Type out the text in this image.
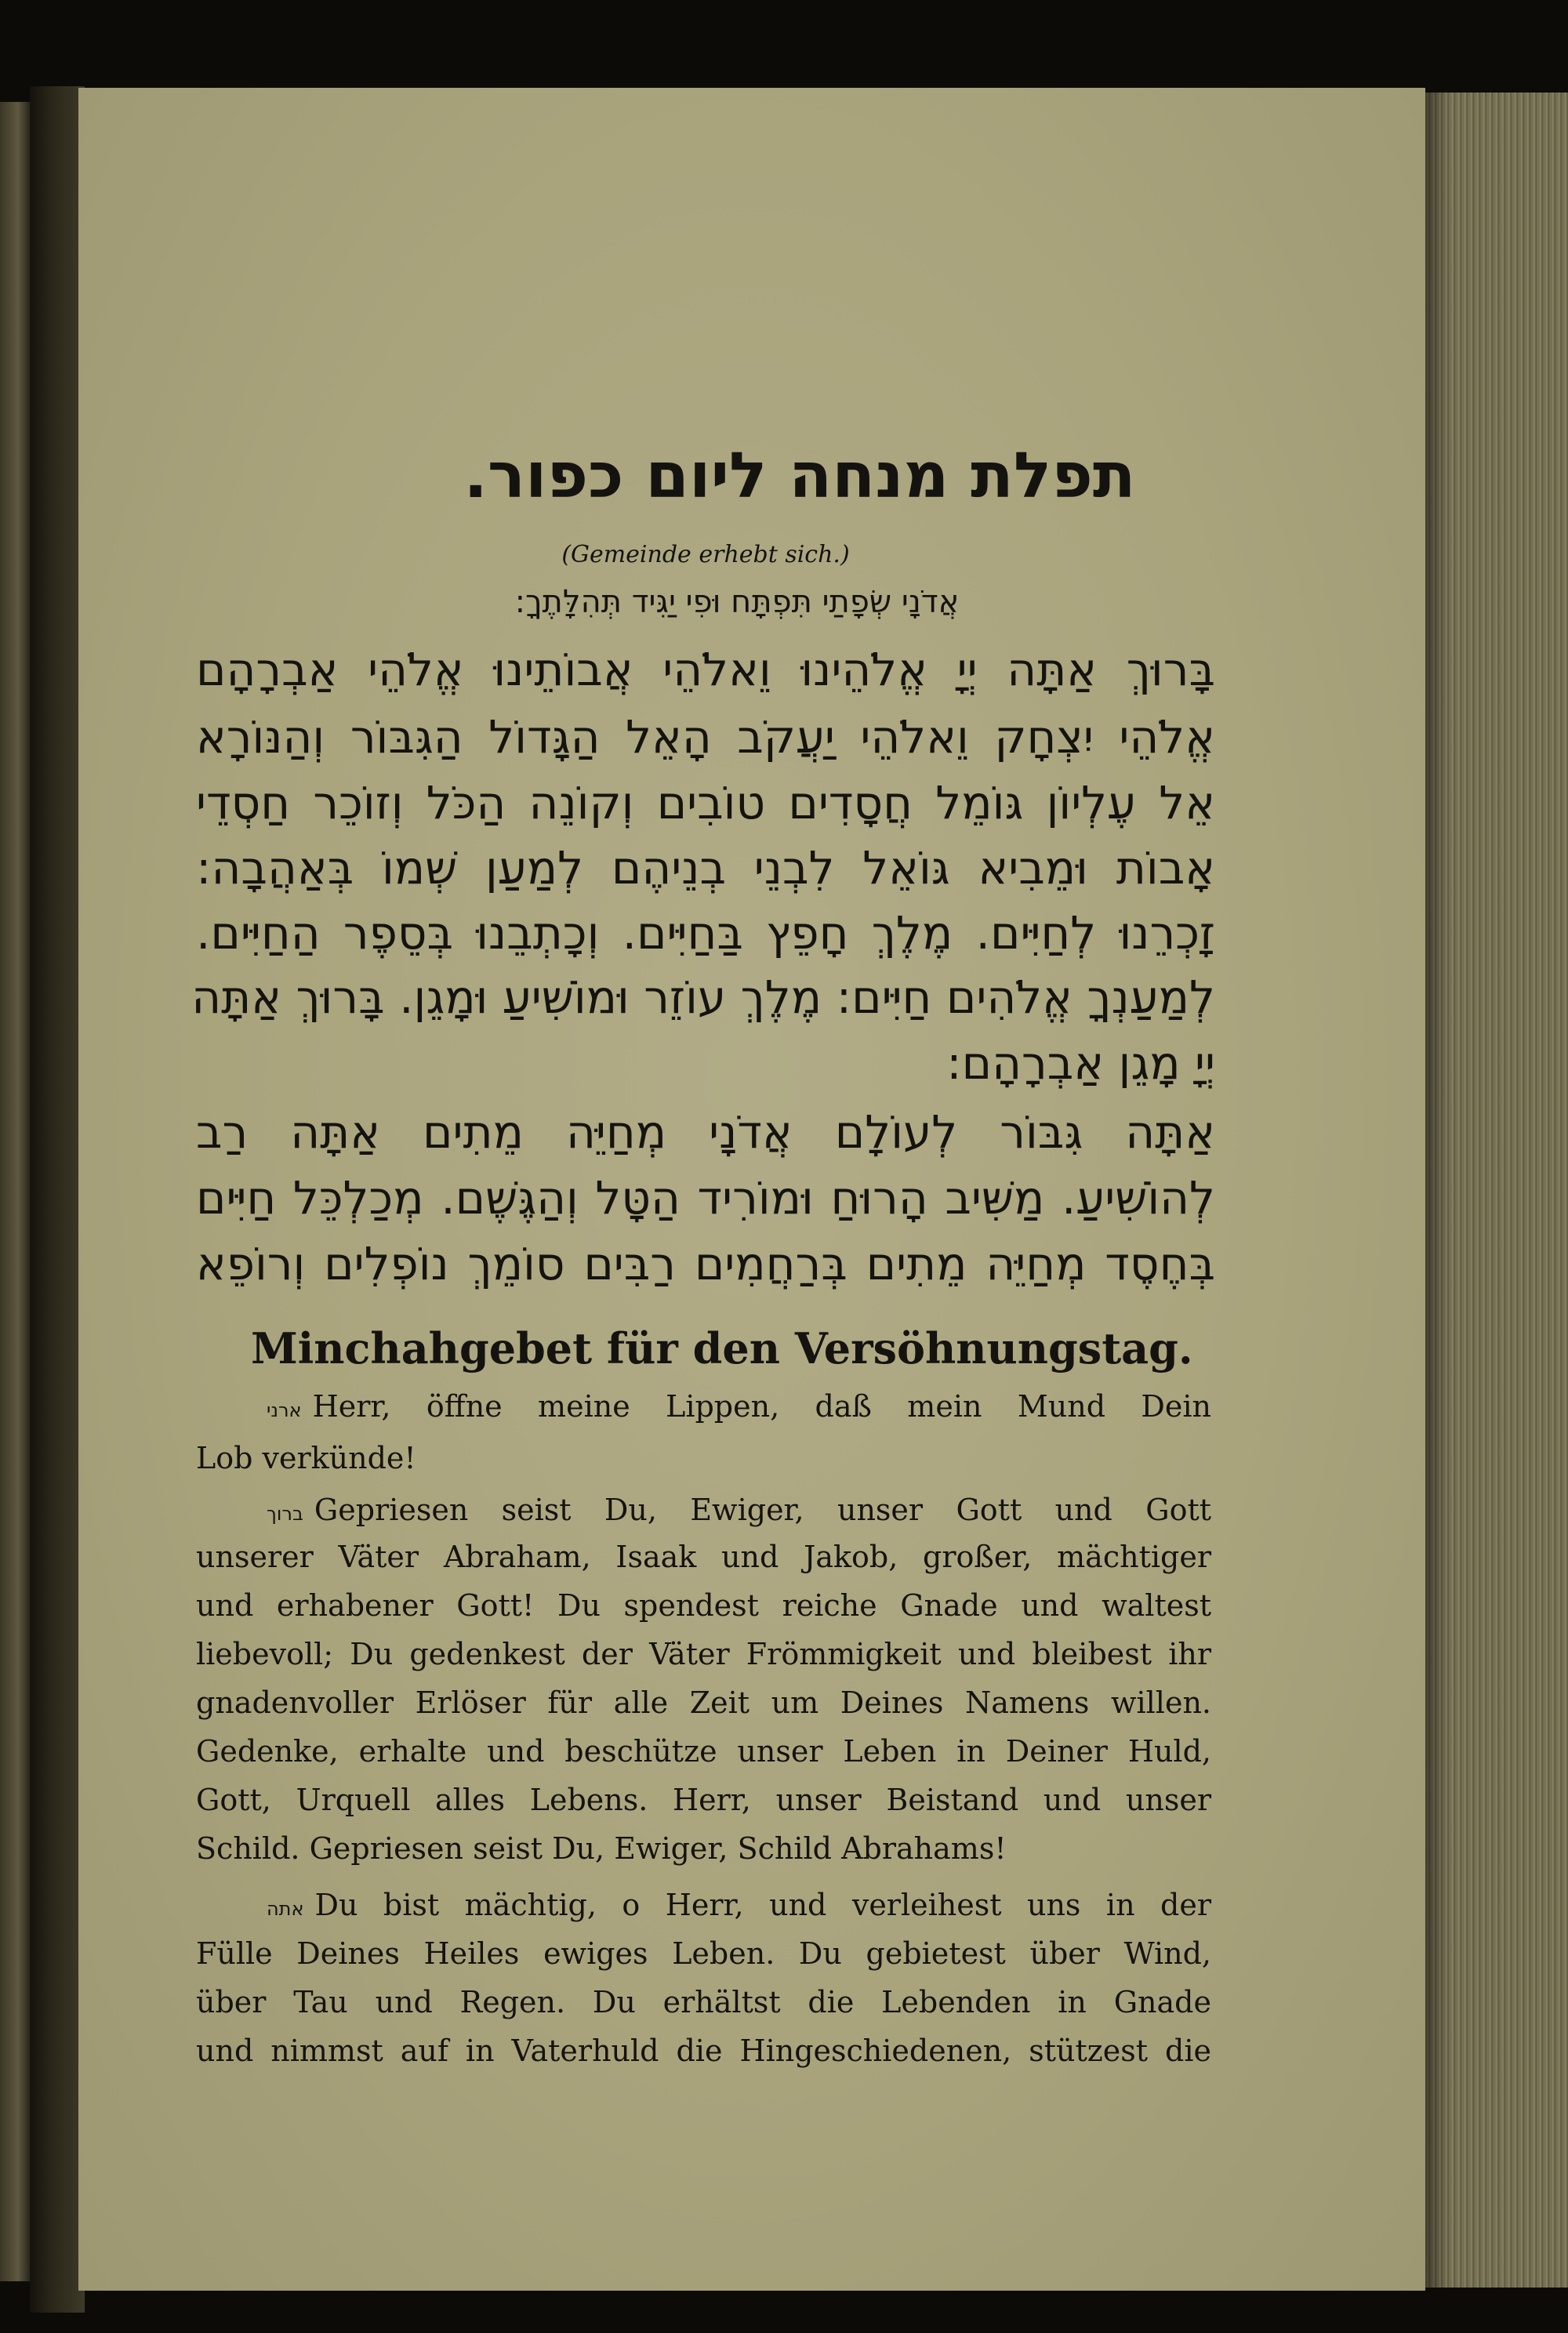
תפלת מנחה ליום כפור.
(Gemeinde erhebt sich.)
אֲדֹנָי שְׂפָתַי תִּפְתָּח וּפִי יַגִּיד תְּהִלָּתֶךָ:
בָּרוּךְ אַתָּה יְיָ אֱלֹהֵינוּ וֵאלֹהֵי אֲבוֹתֵינוּ אֱלֹהֵי אַבְרָהָם
אֱלֹהֵי יִצְחָק וֵאלֹהֵי יַעֲקֹב הָאֵל הַגָּדוֹל הַגִּבּוֹר וְהַנּוֹרָא
אֵל עֶלְיוֹן גּוֹמֵל חֲסָדִים טוֹבִים וְקוֹנֵה הַכֹּל וְזוֹכֵר חַסְדֵי
אָבוֹת וּמֵבִיא גּוֹאֵל לִבְנֵי בְנֵיהֶם לְמַעַן שְׁמוֹ בְּאַהֲבָה:
זָכְרֵנוּ לְחַיִּים. מֶלֶךְ חָפֵץ בַּחַיִּים. וְכָתְבֵנוּ בְּסֵפֶר הַחַיִּים.
לְמַעַנְךָ אֱלֹהִים חַיִּים: מֶלֶךְ עוֹזֵר וּמוֹשִׁיעַ וּמָגֵן. בָּרוּךְ אַתָּה
יְיָ מָגֵן אַבְרָהָם:
אַתָּה גִּבּוֹר לְעוֹלָם אֲדֹנָי מְחַיֵּה מֵתִים אַתָּה רַב
לְהוֹשִׁיעַ. מַשִּׁיב הָרוּחַ וּמוֹרִיד הַטָּל וְהַגֶּשֶׁם. מְכַלְכֵּל חַיִּים
בְּחֶסֶד מְחַיֵּה מֵתִים בְּרַחֲמִים רַבִּים סוֹמֵךְ נוֹפְלִים וְרוֹפֵא
Minchahgebet für den Versöhnungstag.
ארני Herr, öffne meine Lippen, daß mein Mund Dein
Lob verkünde!
ברוך Gepriesen seist Du, Ewiger, unser Gott und Gott
unserer Väter Abraham, Isaak und Jakob, großer, mächtiger
und erhabener Gott! Du spendest reiche Gnade und waltest
liebevoll; Du gedenkest der Väter Frömmigkeit und bleibest ihr
gnadenvoller Erlöser für alle Zeit um Deines Namens willen.
Gedenke, erhalte und beschütze unser Leben in Deiner Huld,
Gott, Urquell alles Lebens. Herr, unser Beistand und unser
Schild. Gepriesen seist Du, Ewiger, Schild Abrahams!
אתה Du bist mächtig, o Herr, und verleihest uns in der
Fülle Deines Heiles ewiges Leben. Du gebietest über Wind,
über Tau und Regen. Du erhältst die Lebenden in Gnade
und nimmst auf in Vaterhuld die Hingeschiedenen, stützest die
